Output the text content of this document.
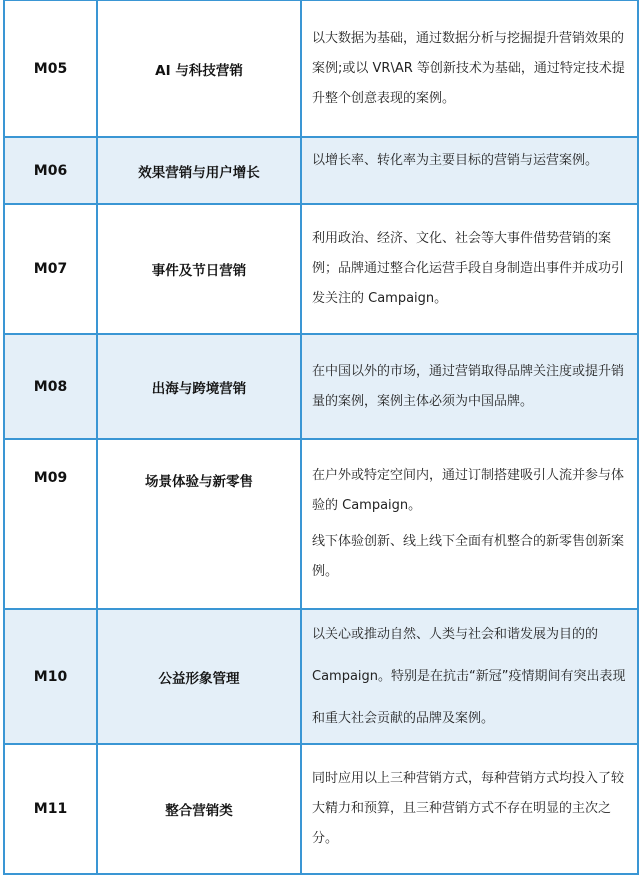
M05	AI 与科技营销	以大数据为基础，通过数据分析与挖掘提升营销效果的案例;或以 VR\AR 等创新技术为基础，通过特定技术提升整个创意表现的案例。

M06	效果营销与用户增长	以增长率、转化率为主要目标的营销与运营案例。

M07	事件及节日营销	利用政治、经济、文化、社会等大事件借势营销的案例；品牌通过整合化运营手段自身制造出事件并成功引发关注的 Campaign。

M08	出海与跨境营销	在中国以外的市场，通过营销取得品牌关注度或提升销量的案例，案例主体必须为中国品牌。

M09	场景体验与新零售	在户外或特定空间内，通过订制搭建吸引人流并参与体验的 Campaign。

线下体验创新、线上线下全面有机整合的新零售创新案例。

M10	公益形象管理	以关心或推动自然、人类与社会和谐发展为目的的Campaign。特别是在抗击“新冠”疫情期间有突出表现和重大社会贡献的品牌及案例。

M11	整合营销类	同时应用以上三种营销方式，每种营销方式均投入了较大精力和预算，且三种营销方式不存在明显的主次之分。
